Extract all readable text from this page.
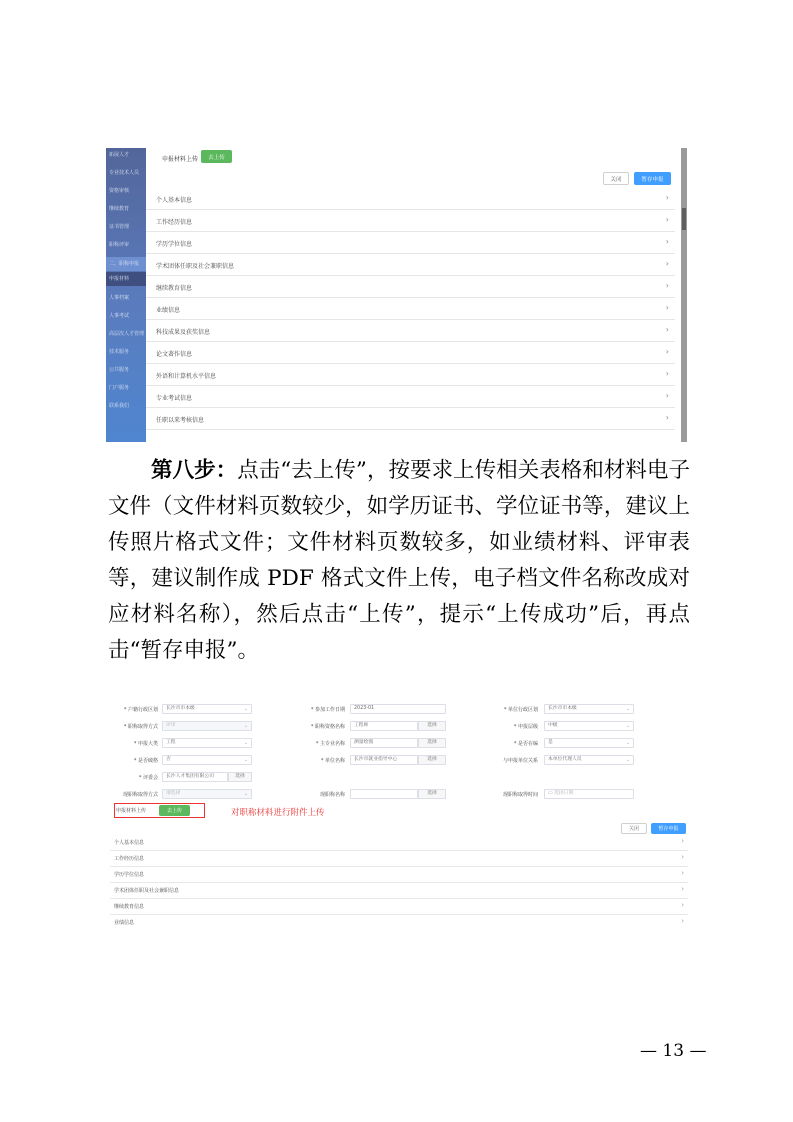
拓展人才
专业技术人员
资格审核
继续教育
证书管理
职称评审
二、职称申报
申报材料
人事档案
人事考试
高层次人才管理
技术服务
公共服务
门户服务
联系我们
申报材料上传	去上传
关闭	暂存申报
个人基本信息	›
工作经历信息	›
学历学位信息	›
学术团体任职及社会兼职信息	›
继续教育信息	›
业绩信息	›
科技成果及获奖信息	›
论文著作信息	›
外语和计算机水平信息	›
专业考试信息	›
任职以来考核信息	›

第八步：点击“去上传”，按要求上传相关表格和材料电子文件（文件材料页数较少，如学历证书、学位证书等，建议上传照片格式文件；文件材料页数较多，如业绩材料、评审表等，建议制作成 PDF 格式文件上传，电子档文件名称改成对应材料名称），然后点击“上传”，提示“上传成功”后，再点击“暂存申报”。

* 户籍行政区划	长沙市市本级	⌄	* 参加工作日期	2023-01	* 单位行政区划	长沙市市本级	⌄
* 职称取得方式	评审	⌄	* 职称资格名称	工程师	选择	* 申报层级	中级	⌄
* 申报大类	工程	⌄	* 主专业名称	测量绘图	选择	* 是否在编	是	⌄
* 是否破格	否	⌄	* 单位名称	长沙市就业指导中心	选择	与申报单位关系	本单位代理人员	⌄
* 评委会	长沙人才集团有限公司	选择
现职称取得方式	请选择	⌄	现职称名称	选择	现职称取得时间	▭ 选择日期
申报材料上传	去上传	对职称材料进行附件上传
关闭	暂存申报
个人基本信息	›
工作经历信息	›
学历学位信息	›
学术团体任职及社会兼职信息	›
继续教育信息	›
业绩信息	›
— 13 —
